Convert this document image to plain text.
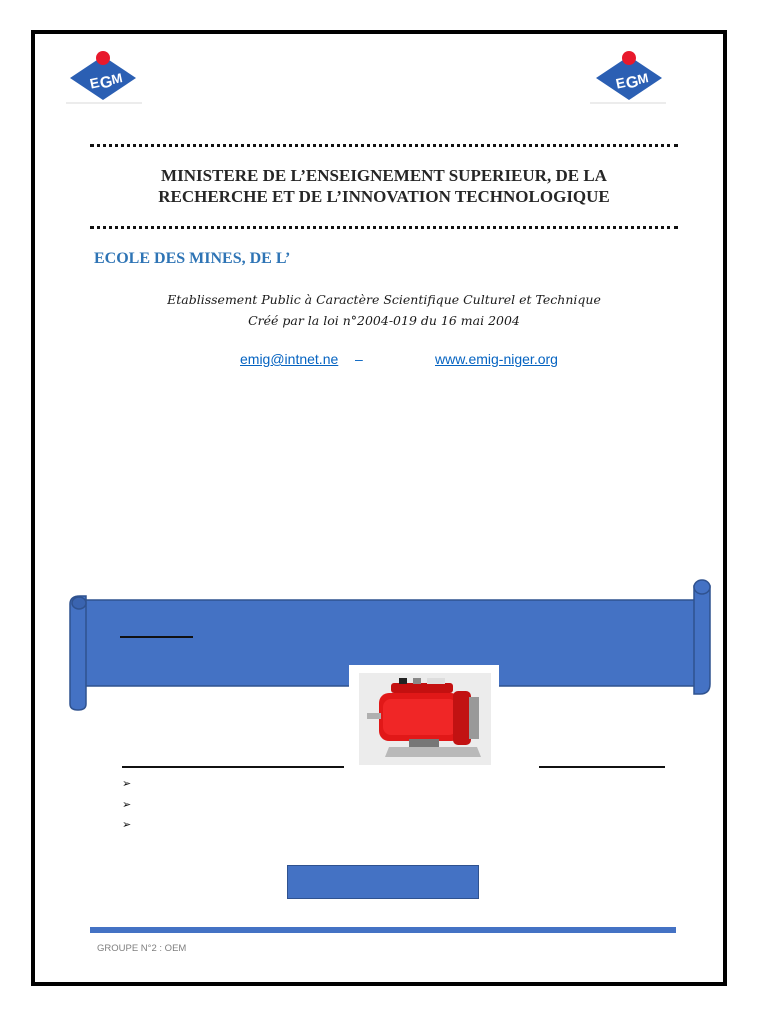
E
G
M	E
G
M
MINISTERE DE L’ENSEIGNEMENT SUPERIEUR, DE LA
RECHERCHE ET DE L’INNOVATION TECHNOLOGIQUE
ECOLE DES MINES, DE L’
Etablissement Public à Caractère Scientifique Culturel et Technique
Créé par la loi n°2004-019 du 16 mai 2004
emig@intnet.ne –	www.emig-niger.org
➢
➢
➢
GROUPE N°2 : OEM
